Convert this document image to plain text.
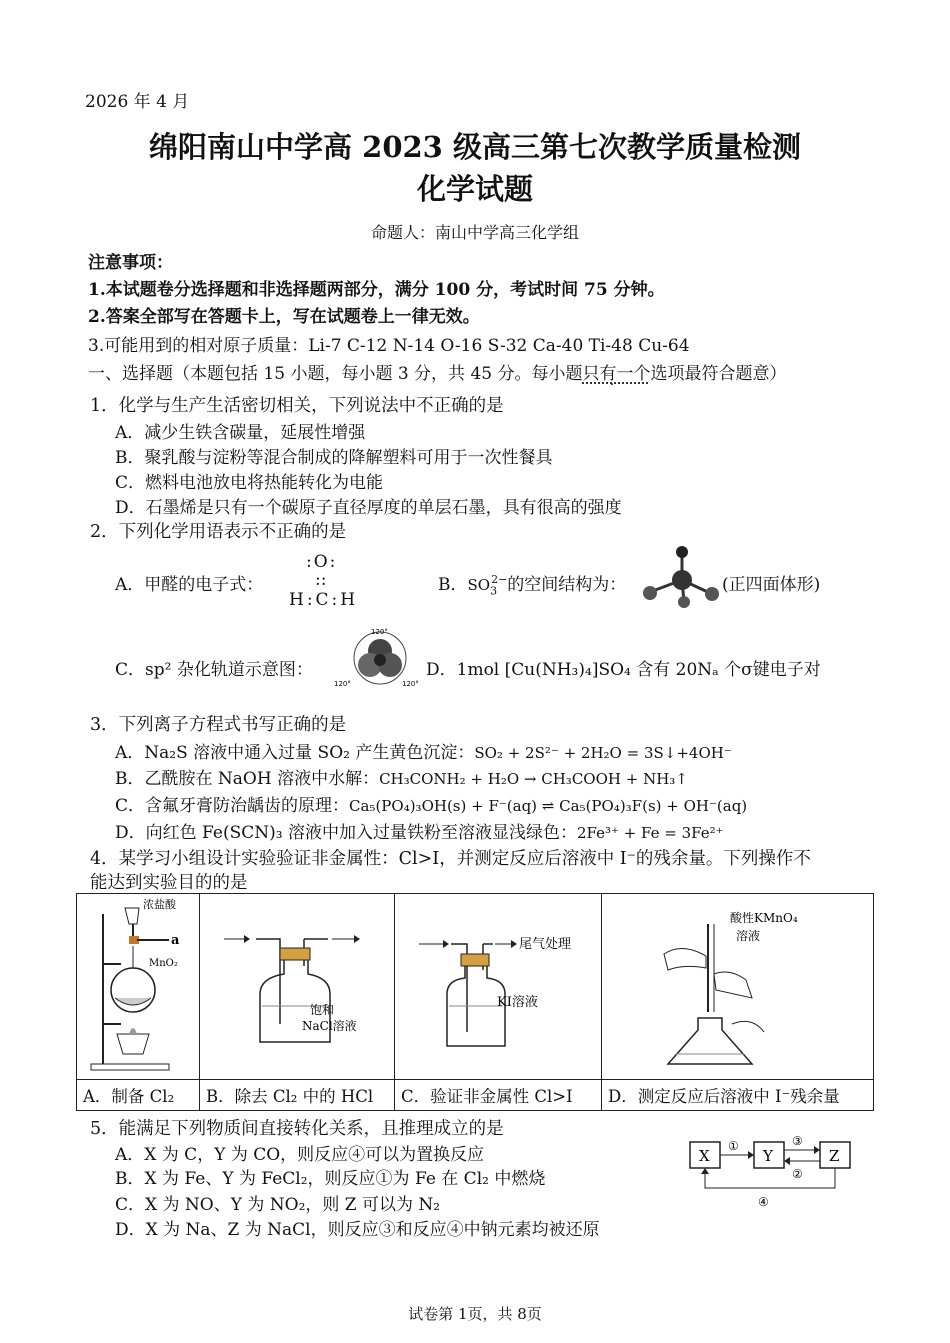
2026 年 4 月
绵阳南山中学高 2023 级高三第七次教学质量检测
化学试题
命题人：南山中学高三化学组
注意事项：
1.本试题卷分选择题和非选择题两部分，满分 100 分，考试时间 75 分钟。
2.答案全部写在答题卡上，写在试题卷上一律无效。
3.可能用到的相对原子质量：Li-7 C-12 N-14 O-16 S-32 Ca-40 Ti-48 Cu-64
一、选择题（本题包括 15 小题，每小题 3 分，共 45 分。每小题只有一个选项最符合题意）
1．化学与生产生活密切相关，下列说法中不正确的是
A．减少生铁含碳量，延展性增强
B．聚乳酸与淀粉等混合制成的降解塑料可用于一次性餐具
C．燃料电池放电将热能转化为电能
D．石墨烯是只有一个碳原子直径厚度的单层石墨，具有很高的强度
2．下列化学用语表示不正确的是
A．甲醛的电子式：
:O:
::
H:C:H
B．$SO_3^{2-}$的空间结构为：	(正四面体形)
C．sp² 杂化轨道示意图：
120°
120°	120°
D．1mol [Cu(NH₃)₄]SO₄ 含有 20Nₐ 个σ键电子对
3．下列离子方程式书写正确的是
A．Na₂S 溶液中通入过量 SO₂ 产生黄色沉淀：SO₂ + 2S²⁻ + 2H₂O = 3S↓+4OH⁻
B．乙酰胺在 NaOH 溶液中水解：CH₃CONH₂ + H₂O → CH₃COOH + NH₃↑
C．含氟牙膏防治龋齿的原理：Ca₅(PO₄)₃OH(s) + F⁻(aq) ⇌ Ca₅(PO₄)₃F(s) + OH⁻(aq)
D．向红色 Fe(SCN)₃ 溶液中加入过量铁粉至溶液显浅绿色：2Fe³⁺ + Fe = 3Fe²⁺
4．某学习小组设计实验验证非金属性：Cl>I，并测定反应后溶液中 I⁻的残余量。下列操作不
能达到实验目的的是
浓盐酸
a
MnO₂	饱和
NaCl溶液	尾气处理
KI溶液	酸性KMnO₄
溶液

A．制备 Cl₂	B．除去 Cl₂ 中的 HCl	C．验证非金属性 Cl>I	D．测定反应后溶液中 I⁻残余量
5．能满足下列物质间直接转化关系，且推理成立的是
A．X 为 C，Y 为 CO，则反应④可以为置换反应
B．X 为 Fe、Y 为 FeCl₂，则反应①为 Fe 在 Cl₂ 中燃烧
C．X 为 NO、Y 为 NO₂，则 Z 可以为 N₂
D．X 为 Na、Z 为 NaCl，则反应③和反应④中钠元素均被还原
X	Y	Z
①	③
②
④
试卷第 1页，共 8页
